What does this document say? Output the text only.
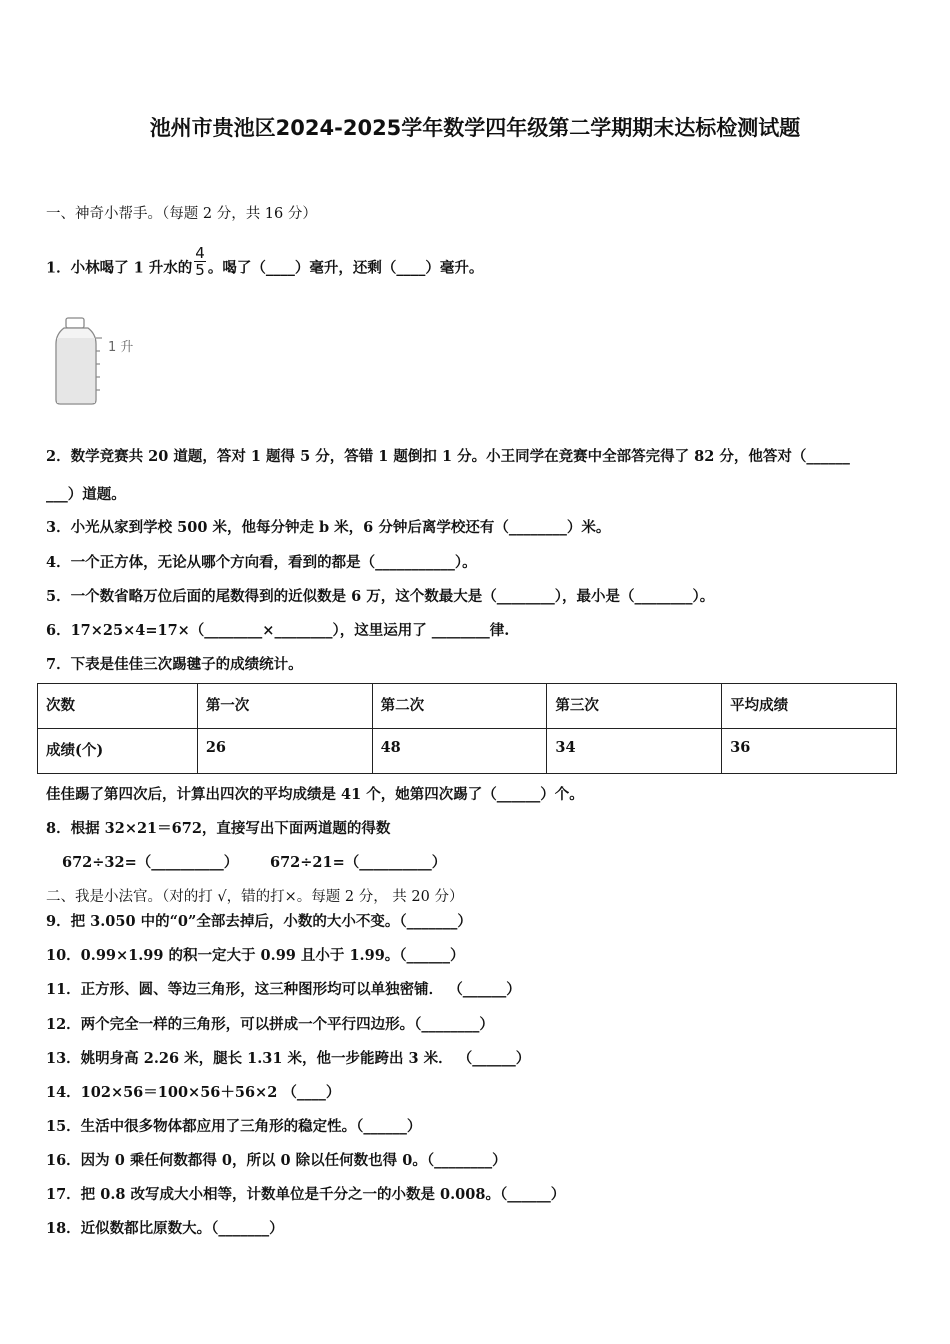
池州市贵池区2024-2025学年数学四年级第二学期期末达标检测试题
一、神奇小帮手。（每题 2 分，共 16 分）
1．小林喝了 1 升水的 $\frac{4}{5}$ 。喝了（____）毫升，还剩（____）毫升。
1 升
2．数学竞赛共 20 道题，答对 1 题得 5 分，答错 1 题倒扣 1 分。小王同学在竞赛中全部答完得了 82 分，他答对（______
___）道题。
3．小光从家到学校 500 米，他每分钟走 b 米，6 分钟后离学校还有（________）米。
4．一个正方体，无论从哪个方向看，看到的都是（___________）。
5．一个数省略万位后面的尾数得到的近似数是 6 万，这个数最大是（________），最小是（________）。
6．17×25×4=17×（________×________），这里运用了 ________律.
7．下表是佳佳三次踢毽子的成绩统计。
次数	第一次	第二次	第三次	平均成绩
成绩(个)	26	48	34	36
佳佳踢了第四次后，计算出四次的平均成绩是 41 个，她第四次踢了（______）个。
8．根据 32×21＝672，直接写出下面两道题的得数
672÷32=（__________） 672÷21=（__________）
二、我是小法官。（对的打 √，错的打×。每题 2 分， 共 20 分）
9．把 3.050 中的“0”全部去掉后，小数的大小不变。（_______）
10．0.99×1.99 的积一定大于 0.99 且小于 1.99。（______）
11．正方形、圆、等边三角形，这三种图形均可以单独密铺． （______）
12．两个完全一样的三角形，可以拼成一个平行四边形。（________）
13．姚明身高 2.26 米，腿长 1.31 米，他一步能跨出 3 米． （______）
14．102×56＝100×56＋56×2 （____）
15．生活中很多物体都应用了三角形的稳定性。（______）
16．因为 0 乘任何数都得 0，所以 0 除以任何数也得 0。（________）
17．把 0.8 改写成大小相等，计数单位是千分之一的小数是 0.008。（______）
18．近似数都比原数大。（_______）
